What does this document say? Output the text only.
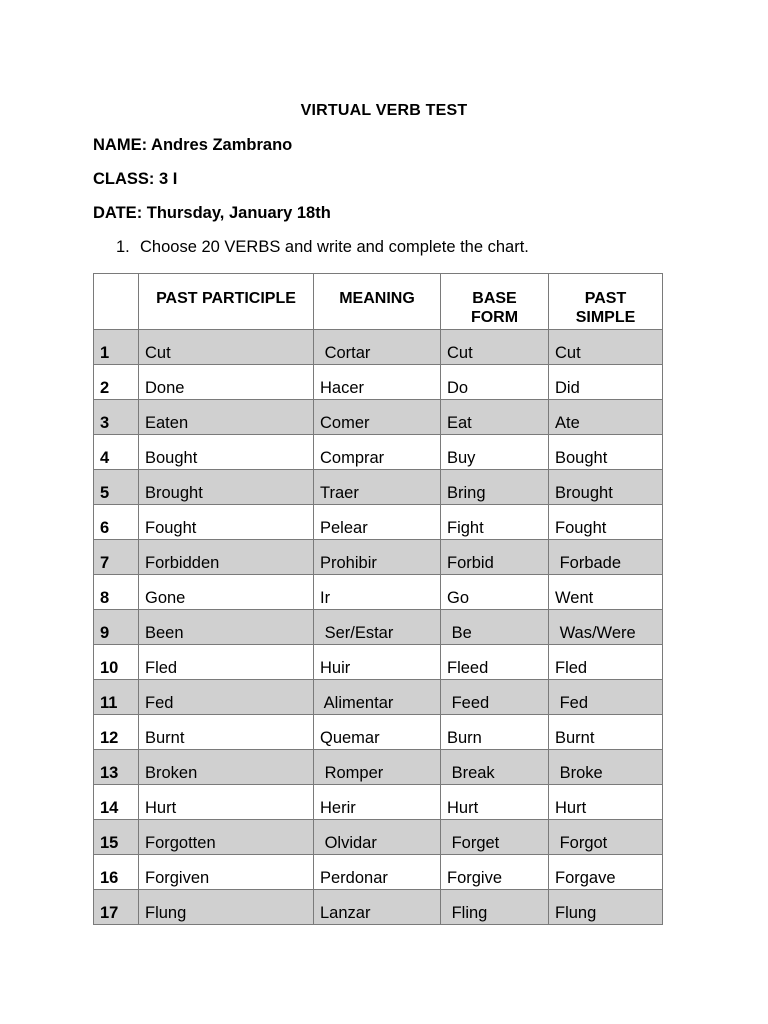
VIRTUAL VERB TEST
NAME: Andres Zambrano
CLASS: 3 I
DATE: Thursday, January 18th
1. Choose 20 VERBS and write and complete the chart.
	PAST PARTICIPLE	MEANING	BASE FORM	PAST SIMPLE
1	Cut	Cortar	Cut	Cut
2	Done	Hacer	Do	Did
3	Eaten	Comer	Eat	Ate
4	Bought	Comprar	Buy	Bought
5	Brought	Traer	Bring	Brought
6	Fought	Pelear	Fight	Fought
7	Forbidden	Prohibir	Forbid	Forbade
8	Gone	Ir	Go	Went
9	Been	Ser/Estar	Be	Was/Were
10	Fled	Huir	Fleed	Fled
11	Fed	Alimentar	Feed	Fed
12	Burnt	Quemar	Burn	Burnt
13	Broken	Romper	Break	Broke
14	Hurt	Herir	Hurt	Hurt
15	Forgotten	Olvidar	Forget	Forgot
16	Forgiven	Perdonar	Forgive	Forgave
17	Flung	Lanzar	Fling	Flung
